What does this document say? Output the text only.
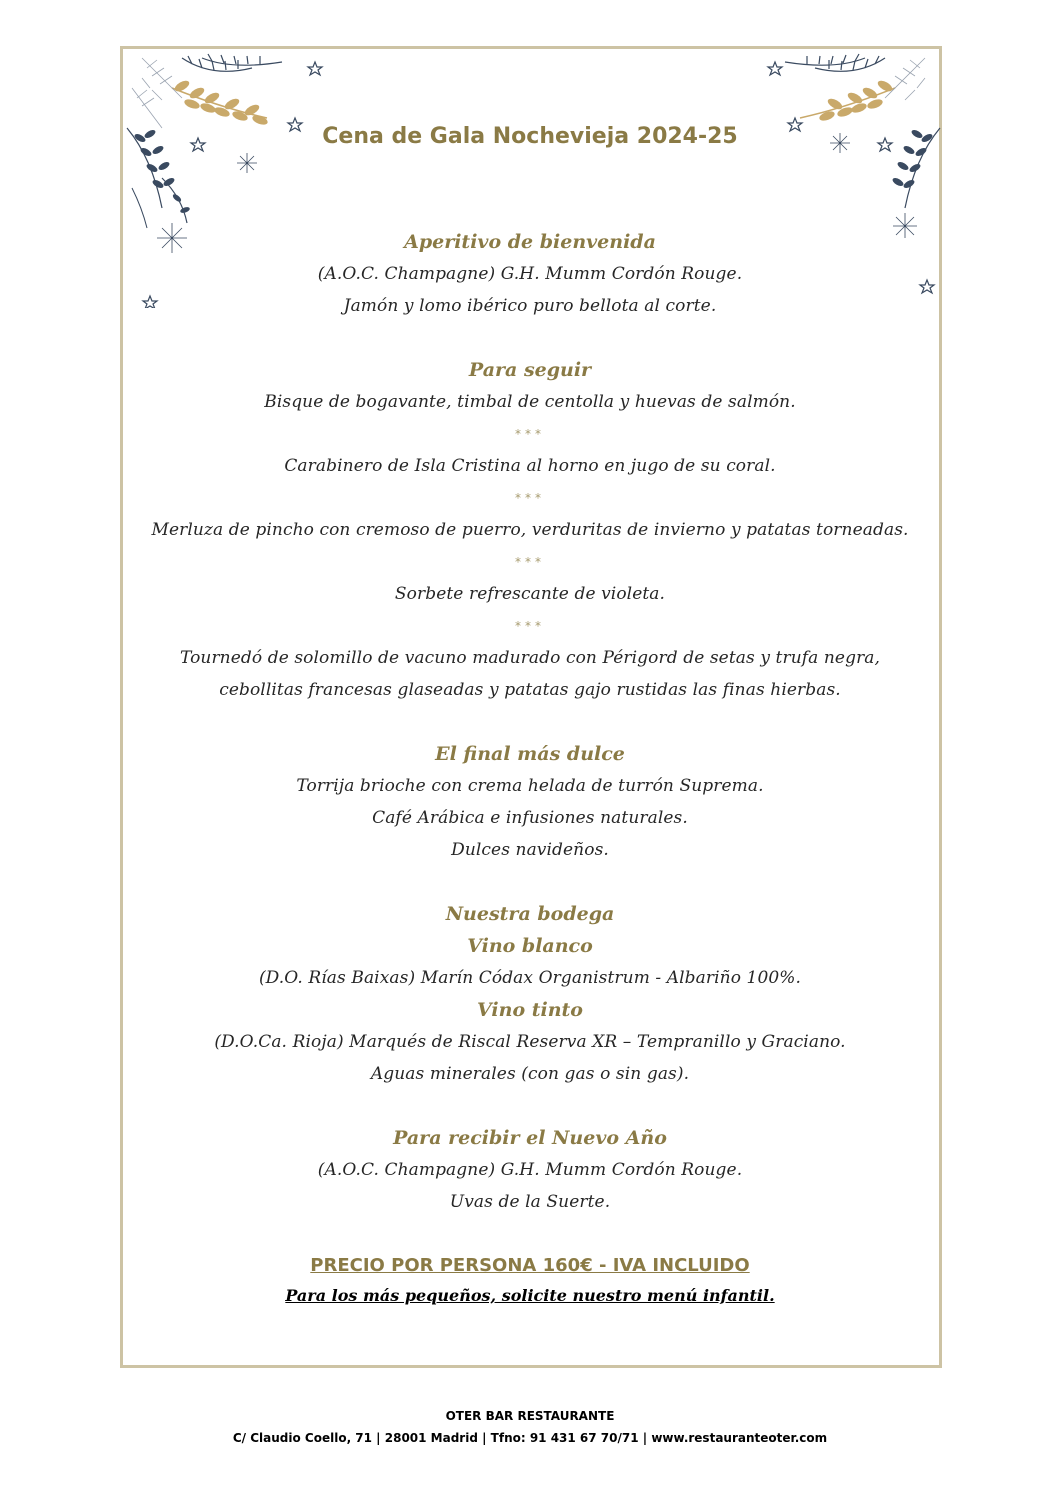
Cena de Gala Nochevieja 2024-25
Aperitivo de bienvenida
(A.O.C. Champagne) G.H. Mumm Cordón Rouge.
Jamón y lomo ibérico puro bellota al corte.
Para seguir
Bisque de bogavante, timbal de centolla y huevas de salmón.
***
Carabinero de Isla Cristina al horno en jugo de su coral.
***
Merluza de pincho con cremoso de puerro, verduritas de invierno y patatas torneadas.
***
Sorbete refrescante de violeta.
***
Tournedó de solomillo de vacuno madurado con Périgord de setas y trufa negra,
cebollitas francesas glaseadas y patatas gajo rustidas las finas hierbas.
El final más dulce
Torrija brioche con crema helada de turrón Suprema.
Café Arábica e infusiones naturales.
Dulces navideños.
Nuestra bodega
Vino blanco
(D.O. Rías Baixas) Marín Códax Organistrum - Albariño 100%.
Vino tinto
(D.O.Ca. Rioja) Marqués de Riscal Reserva XR – Tempranillo y Graciano.
Aguas minerales (con gas o sin gas).
Para recibir el Nuevo Año
(A.O.C. Champagne) G.H. Mumm Cordón Rouge.
Uvas de la Suerte.
PRECIO POR PERSONA 160€ - IVA INCLUIDO
Para los más pequeños, solicite nuestro menú infantil.
OTER BAR RESTAURANTE
C/ Claudio Coello, 71 | 28001 Madrid | Tfno: 91 431 67 70/71 | www.restauranteoter.com
